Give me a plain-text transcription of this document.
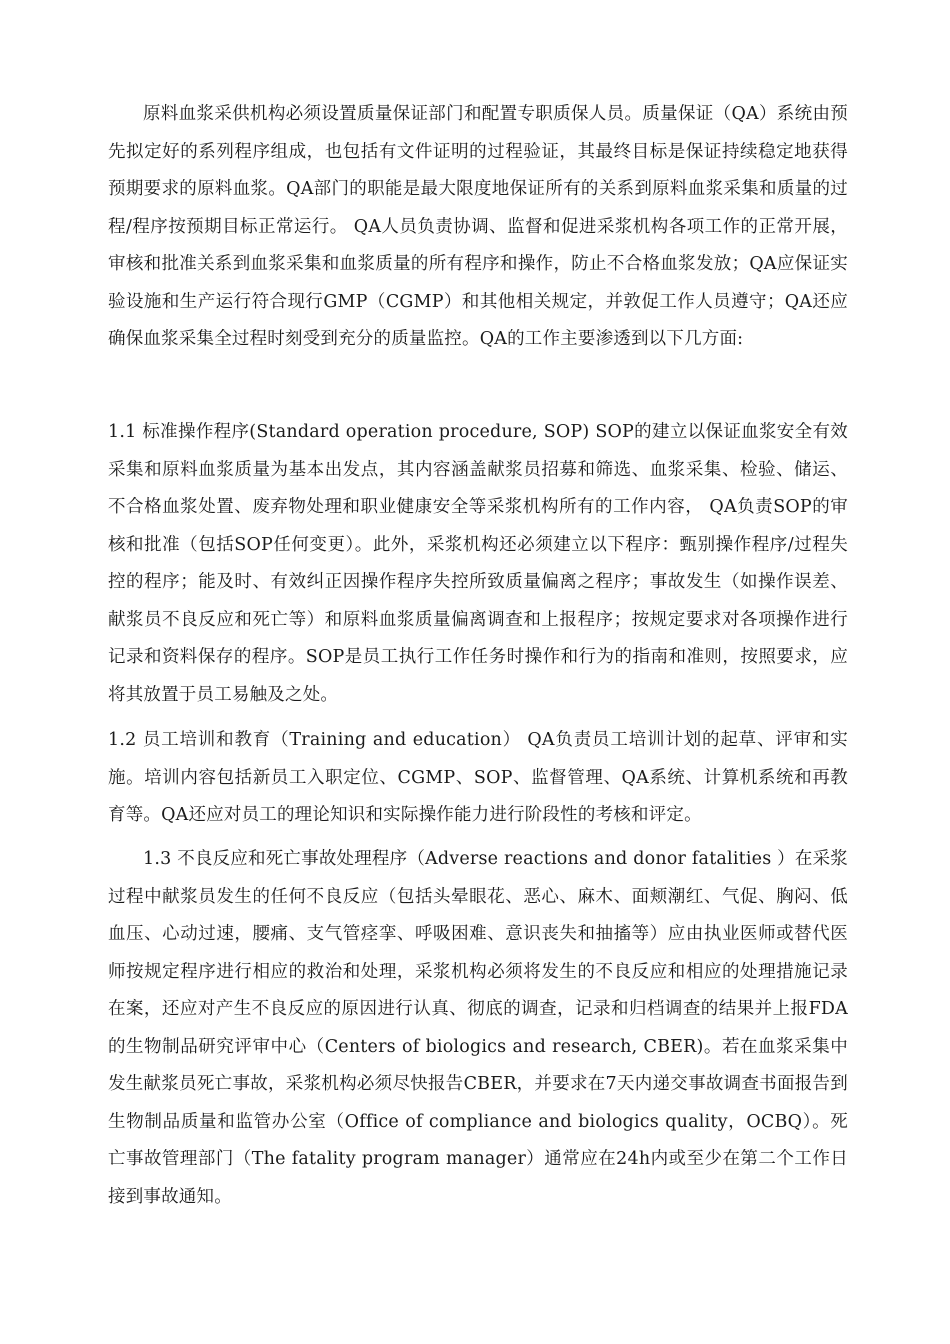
原料血浆采供机构必须设置质量保证部门和配置专职质保人员。质量保证（QA）系统由预先拟定好的系列程序组成，也包括有文件证明的过程验证，其最终目标是保证持续稳定地获得预期要求的原料血浆。QA部门的职能是最大限度地保证所有的关系到原料血浆采集和质量的过程/程序按预期目标正常运行。 QA人员负责协调、监督和促进采浆机构各项工作的正常开展，审核和批准关系到血浆采集和血浆质量的所有程序和操作，防止不合格血浆发放；QA应保证实验设施和生产运行符合现行GMP（CGMP）和其他相关规定，并敦促工作人员遵守；QA还应确保血浆采集全过程时刻受到充分的质量监控。QA的工作主要渗透到以下几方面:

1.1 标准操作程序(Standard operation procedure, SOP) SOP的建立以保证血浆安全有效采集和原料血浆质量为基本出发点，其内容涵盖献浆员招募和筛选、血浆采集、检验、储运、不合格血浆处置、废弃物处理和职业健康安全等采浆机构所有的工作内容， QA负责SOP的审核和批准（包括SOP任何变更）。此外，采浆机构还必须建立以下程序：甄别操作程序/过程失控的程序；能及时、有效纠正因操作程序失控所致质量偏离之程序；事故发生（如操作误差、献浆员不良反应和死亡等）和原料血浆质量偏离调查和上报程序；按规定要求对各项操作进行记录和资料保存的程序。SOP是员工执行工作任务时操作和行为的指南和准则，按照要求，应将其放置于员工易触及之处。

1.2 员工培训和教育（Training and education） QA负责员工培训计划的起草、评审和实施。培训内容包括新员工入职定位、CGMP、SOP、监督管理、QA系统、计算机系统和再教育等。QA还应对员工的理论知识和实际操作能力进行阶段性的考核和评定。

1.3 不良反应和死亡事故处理程序（Adverse reactions and donor fatalities ）在采浆过程中献浆员发生的任何不良反应（包括头晕眼花、恶心、麻木、面颊潮红、气促、胸闷、低血压、心动过速，腰痛、支气管痉挛、呼吸困难、意识丧失和抽搐等）应由执业医师或替代医师按规定程序进行相应的救治和处理，采浆机构必须将发生的不良反应和相应的处理措施记录在案，还应对产生不良反应的原因进行认真、彻底的调查，记录和归档调查的结果并上报FDA的生物制品研究评审中心（Centers of biologics and research, CBER)。若在血浆采集中发生献浆员死亡事故，采浆机构必须尽快报告CBER，并要求在7天内递交事故调查书面报告到生物制品质量和监管办公室（Office of compliance and biologics quality，OCBQ）。死亡事故管理部门（The fatality program manager）通常应在24h内或至少在第二个工作日接到事故通知。
